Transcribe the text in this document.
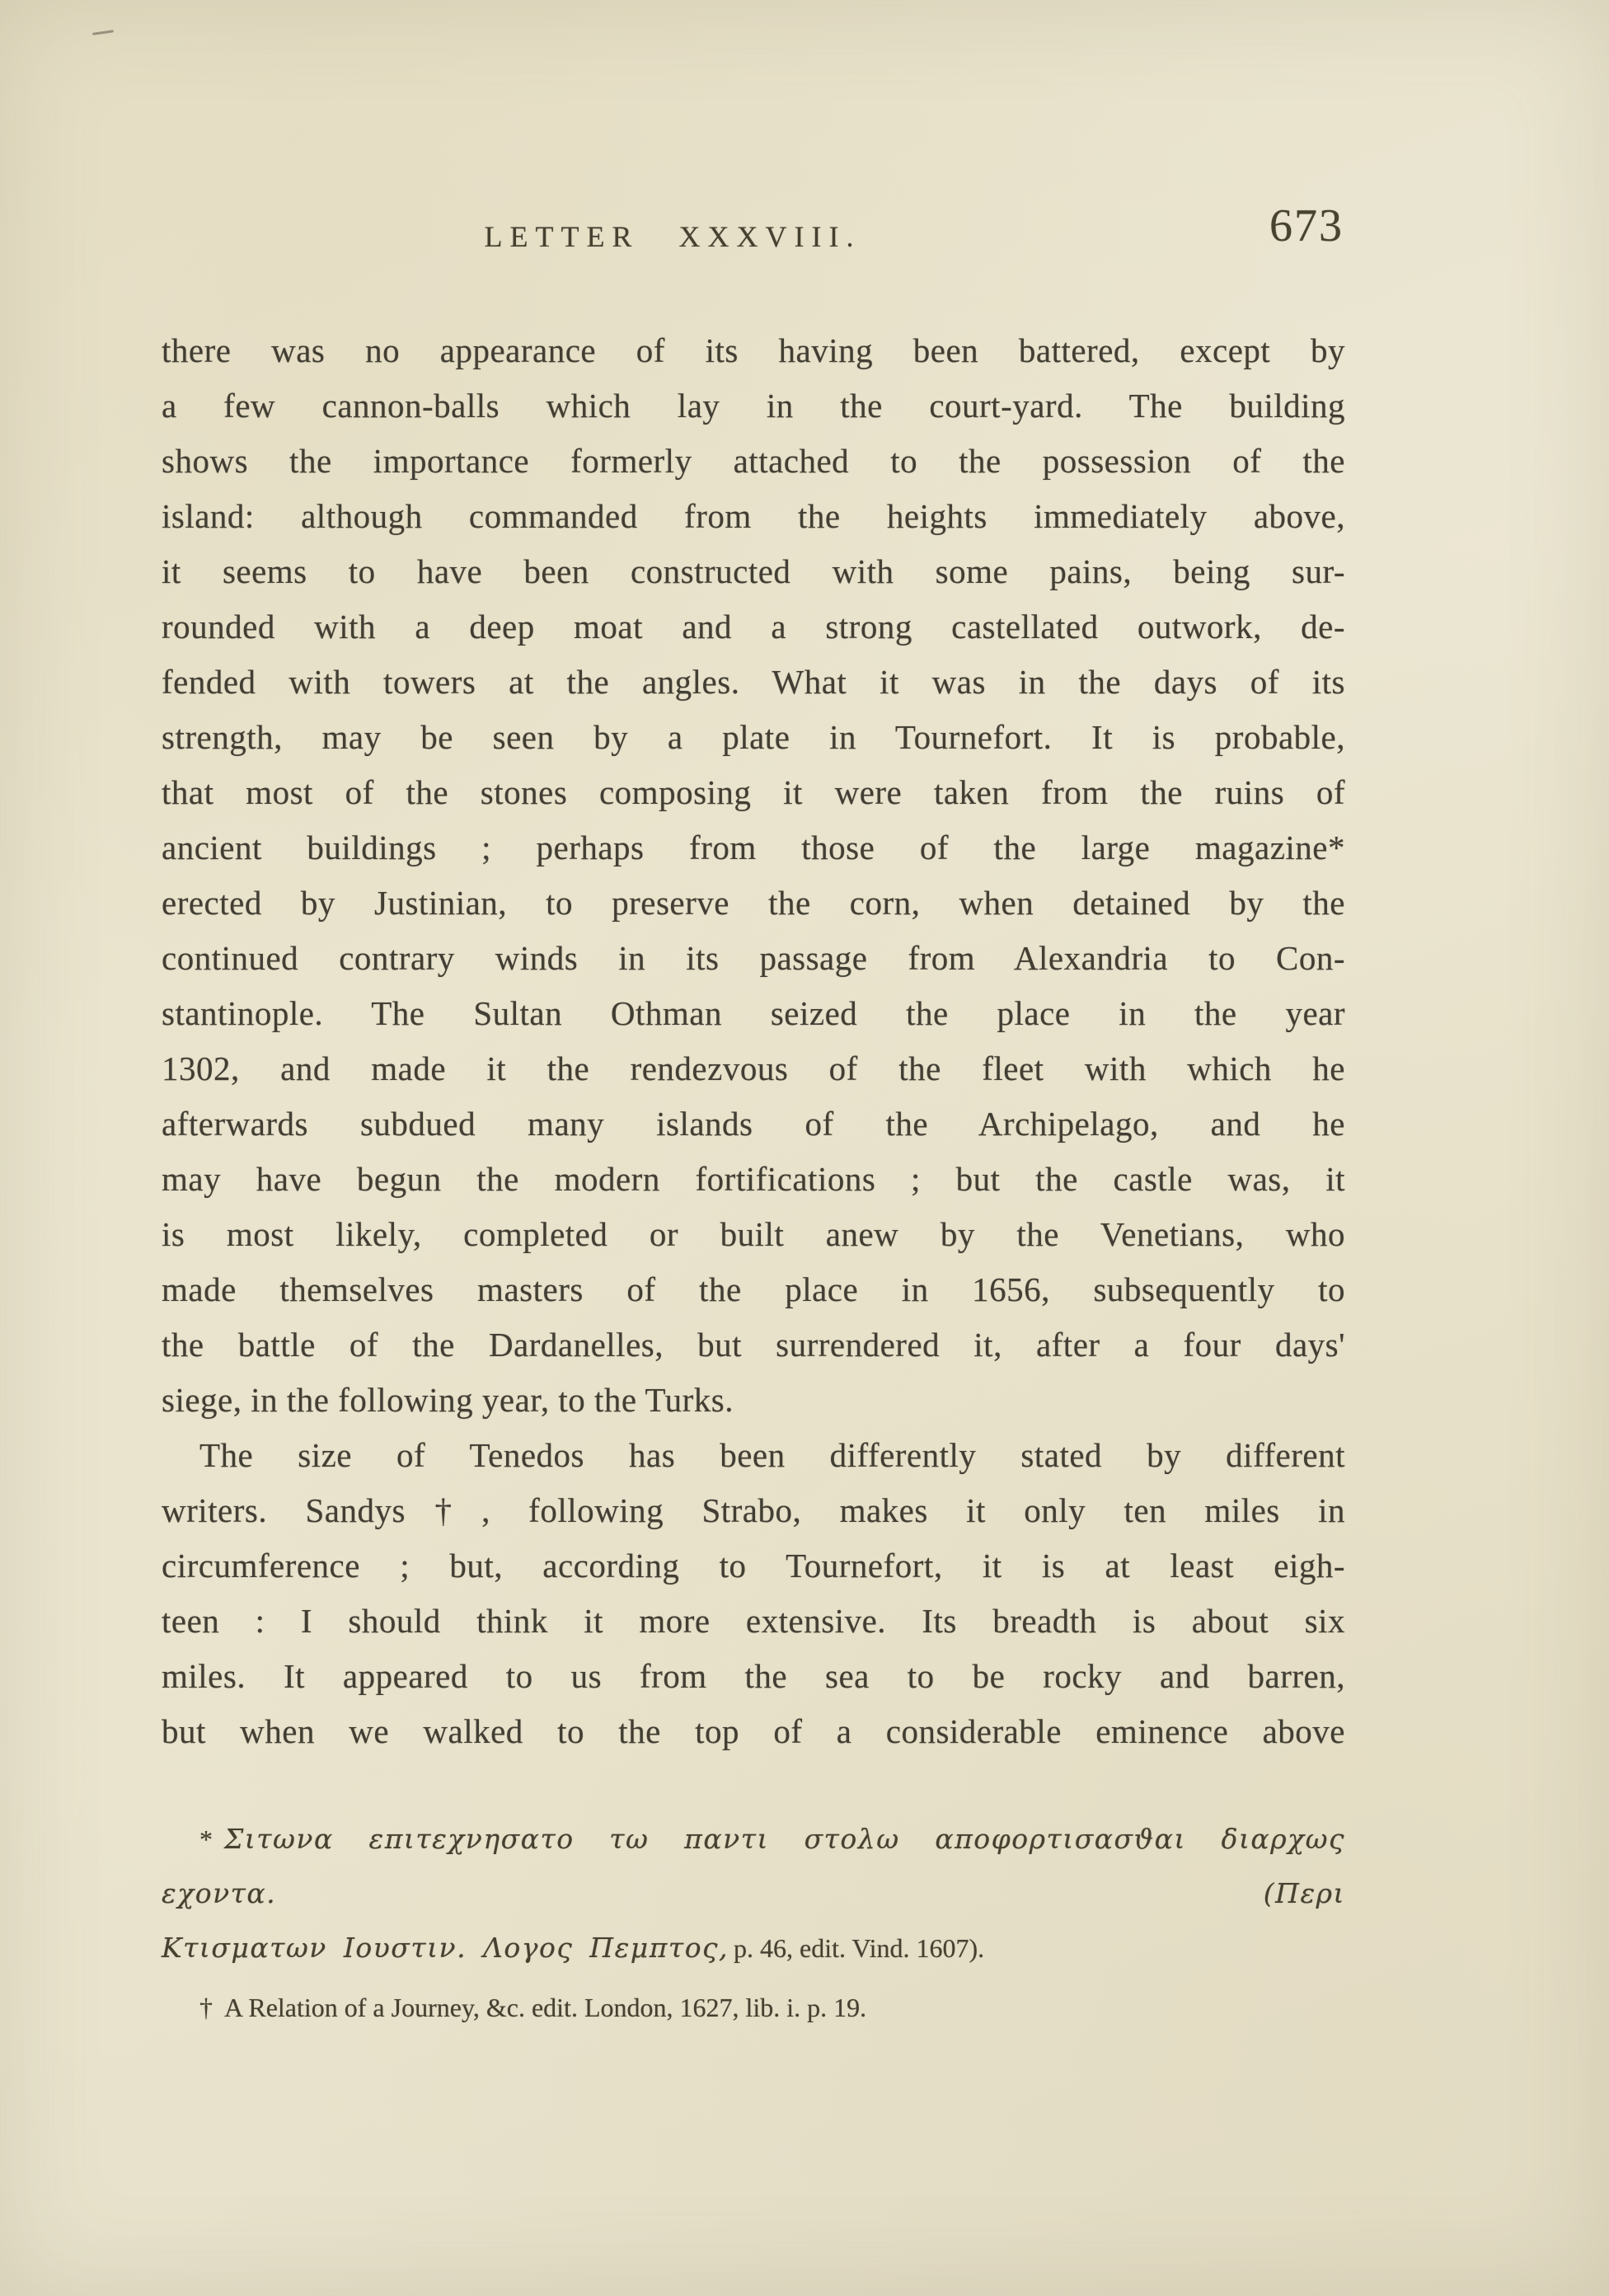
LETTER XXXVIII.	673
there was no appearance of its having been battered, except by
a few cannon-balls which lay in the court-yard. The building
shows the importance formerly attached to the possession of the
island: although commanded from the heights immediately above,
it seems to have been constructed with some pains, being sur-
rounded with a deep moat and a strong castellated outwork, de-
fended with towers at the angles. What it was in the days of its
strength, may be seen by a plate in Tournefort. It is probable,
that most of the stones composing it were taken from the ruins of
ancient buildings ; perhaps from those of the large magazine*
erected by Justinian, to preserve the corn, when detained by the
continued contrary winds in its passage from Alexandria to Con-
stantinople. The Sultan Othman seized the place in the year
1302, and made it the rendezvous of the fleet with which he
afterwards subdued many islands of the Archipelago, and he
may have begun the modern fortifications ; but the castle was, it
is most likely, completed or built anew by the Venetians, who
made themselves masters of the place in 1656, subsequently to
the battle of the Dardanelles, but surrendered it, after a four days'
siege, in the following year, to the Turks.
The size of Tenedos has been differently stated by different
writers. Sandys†, following Strabo, makes it only ten miles in
circumference ; but, according to Tournefort, it is at least eigh-
teen : I should think it more extensive. Its breadth is about six
miles. It appeared to us from the sea to be rocky and barren,
but when we walked to the top of a considerable eminence above
* Σιτωνα επιτεχνησατο τω παντι στολω αποφορτισασϑαι διαρχως εχοντα. (Περι
Κτισματων Ιουστιν. Λογος Πεμπτος, p. 46, edit. Vind. 1607).
† A Relation of a Journey, &c. edit. London, 1627, lib. i. p. 19.
